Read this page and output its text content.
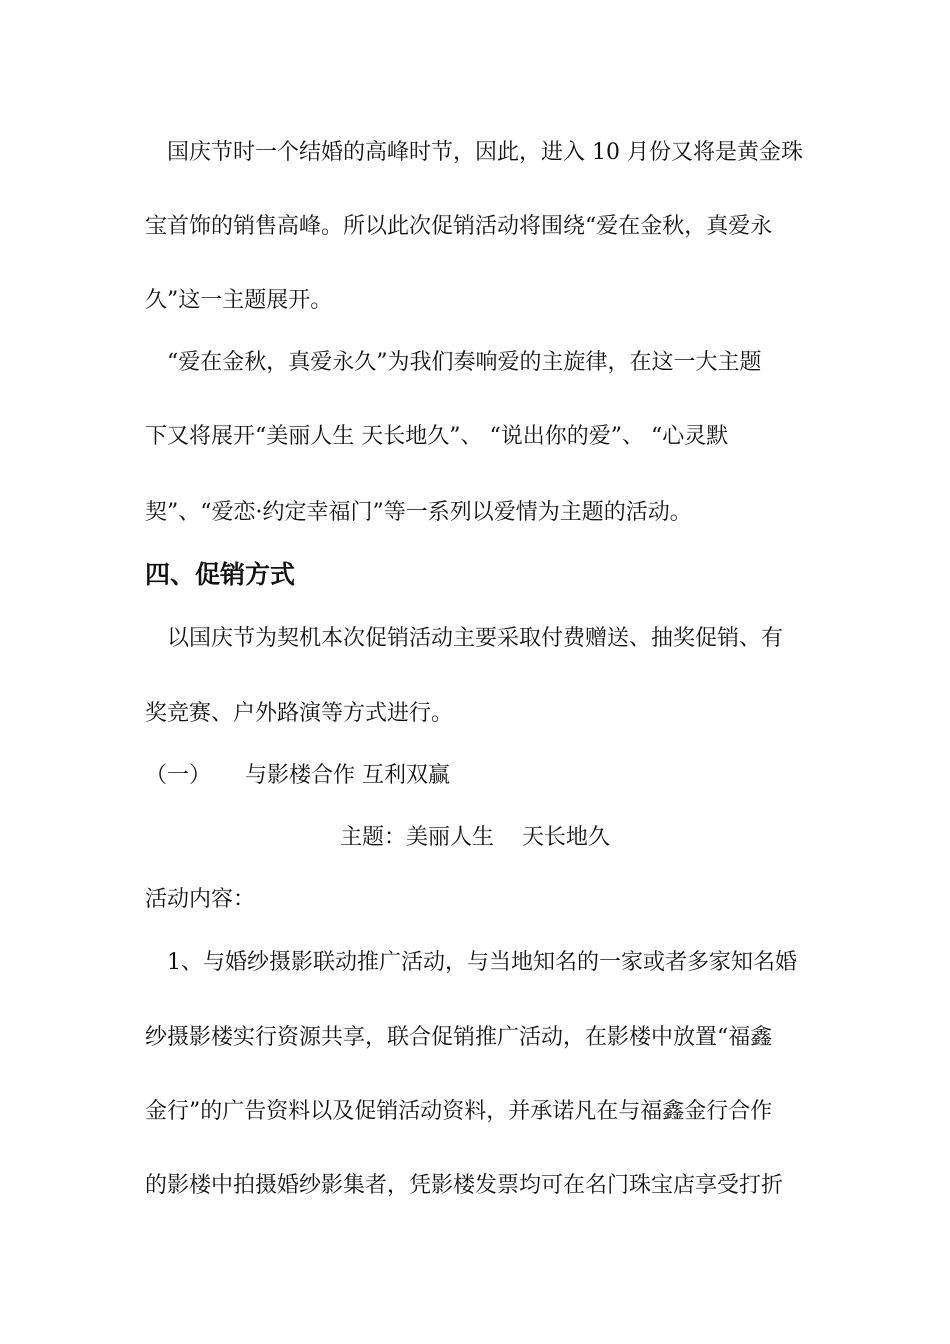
　国庆节时一个结婚的高峰时节，因此，进入 10 月份又将是黄金珠
宝首饰的销售高峰。所以此次促销活动将围绕“爱在金秋，真爱永
久”这一主题展开。
　“爱在金秋，真爱永久”为我们奏响爱的主旋律，在这一大主题
下又将展开“美丽人生 天长地久”、 “说出你的爱”、 “心灵默
契”、“爱恋·约定幸福门”等一系列以爱情为主题的活动。
四、促销方式
　以国庆节为契机本次促销活动主要采取付费赠送、抽奖促销、有
奖竞赛、户外路演等方式进行。
（一） 与影楼合作 互利双赢
主题：美丽人生    天长地久
活动内容：
　1、与婚纱摄影联动推广活动，与当地知名的一家或者多家知名婚
纱摄影楼实行资源共享，联合促销推广活动，在影楼中放置“福鑫
金行”的广告资料以及促销活动资料，并承诺凡在与福鑫金行合作
的影楼中拍摄婚纱影集者，凭影楼发票均可在名门珠宝店享受打折
